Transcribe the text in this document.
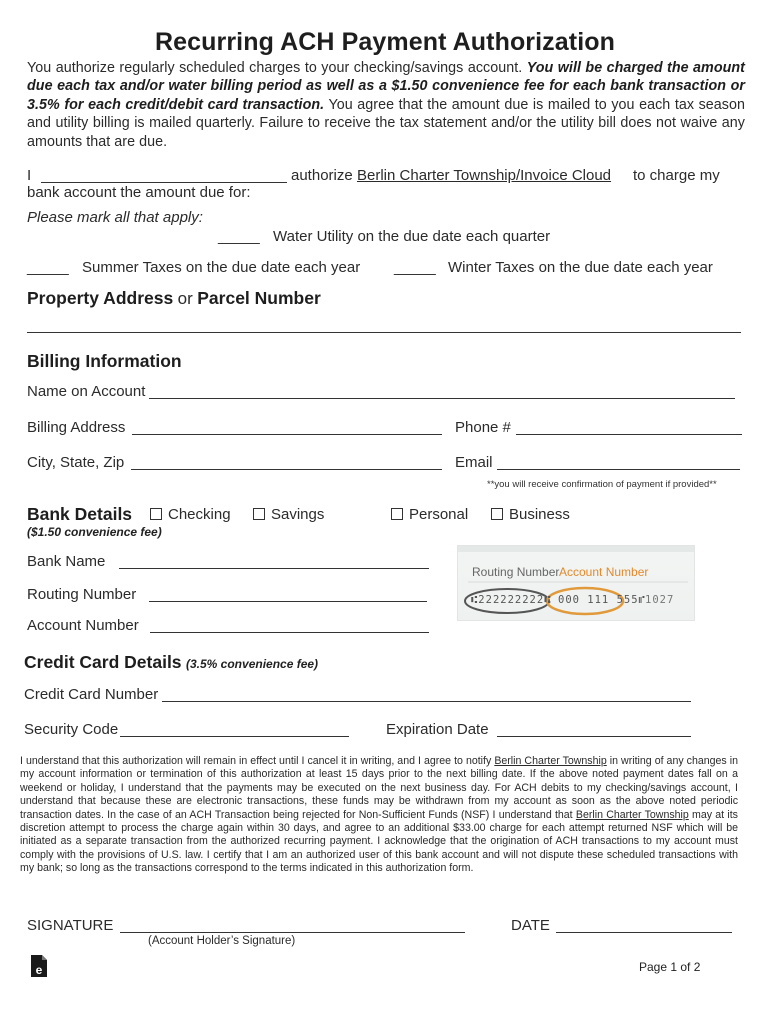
Recurring ACH Payment Authorization
You authorize regularly scheduled charges to your checking/savings account. You will be charged the amount due each tax and/or water billing period as well as a $1.50 convenience fee for each bank transaction or 3.5% for each credit/debit card transaction. You agree that the amount due is mailed to you each tax season and utility billing is mailed quarterly. Failure to receive the tax statement and/or the utility bill does not waive any amounts that are due.
I	authorize Berlin Charter Township/Invoice Cloud	to charge my
bank account the amount due for:
Please mark all that apply:
_____ Water Utility on the due date each quarter
_____ Summer Taxes on the due date each year _____ Winter Taxes on the due date each year
Property Address or Parcel Number
Billing Information
Name on Account
Billing Address	Phone #
City, State, Zip	Email
**you will receive confirmation of payment if provided**
Bank Details	Checking	Savings	Personal	Business
($1.50 convenience fee)
Bank Name
Routing Number
Account Number
Routing Number Account Number
⑆222222222⑆ 000 111 555⑈ 1027
Credit Card Details (3.5% convenience fee)
Credit Card Number
Security Code	Expiration Date
I understand that this authorization will remain in effect until I cancel it in writing, and I agree to notify Berlin Charter Township in writing of any changes in my account information or termination of this authorization at least 15 days prior to the next billing date. If the above noted payment dates fall on a weekend or holiday, I understand that the payments may be executed on the next business day. For ACH debits to my checking/savings account, I understand that because these are electronic transactions, these funds may be withdrawn from my account as soon as the above noted periodic transaction dates. In the case of an ACH Transaction being rejected for Non-Sufficient Funds (NSF) I understand that Berlin Charter Township may at its discretion attempt to process the charge again within 30 days, and agree to an additional $33.00 charge for each attempt returned NSF which will be initiated as a separate transaction from the authorized recurring payment. I acknowledge that the origination of ACH transactions to my account must comply with the provisions of U.S. law. I certify that I am an authorized user of this bank account and will not dispute these scheduled transactions with my bank; so long as the transactions correspond to the terms indicated in this authorization form.
SIGNATURE
(Account Holder’s Signature)
DATE
e	Page 1 of 2
